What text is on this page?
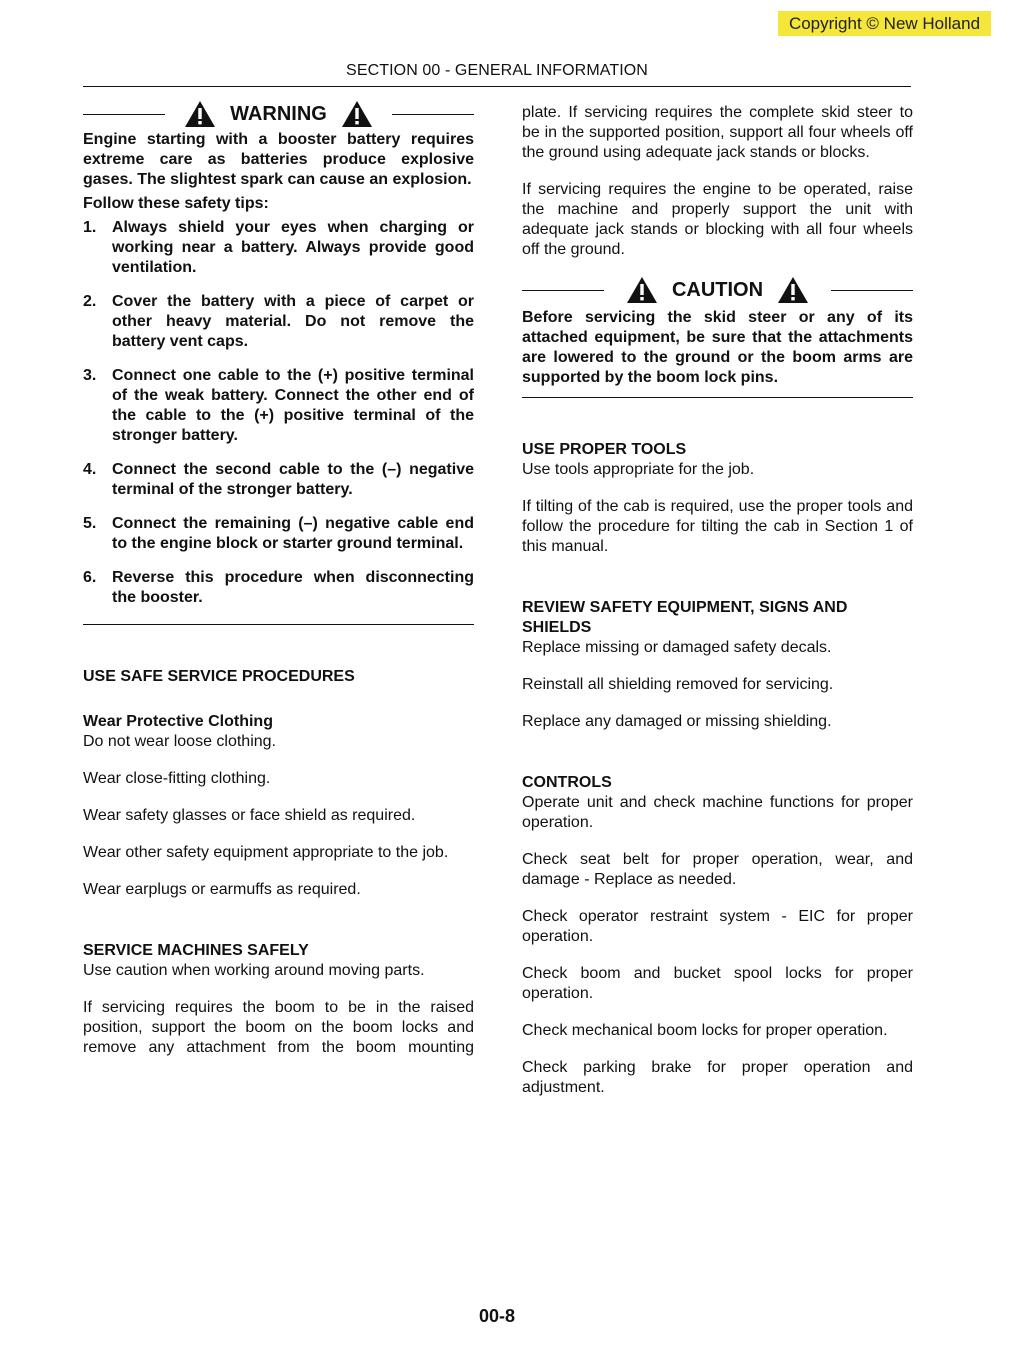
Copyright © New Holland
SECTION 00 - GENERAL INFORMATION
WARNING

Engine starting with a booster battery requires extreme care as batteries produce explosive gases. The slightest spark can cause an explosion.

Follow these safety tips:

1. Always shield your eyes when charging or working near a battery. Always provide good ventilation.
2. Cover the battery with a piece of carpet or other heavy material. Do not remove the battery vent caps.
3. Connect one cable to the (+) positive terminal of the weak battery. Connect the other end of the cable to the (+) positive terminal of the stronger battery.
4. Connect the second cable to the (–) negative terminal of the stronger battery.
5. Connect the remaining (–) negative cable end to the engine block or starter ground terminal.
6. Reverse this procedure when disconnecting the booster.

USE SAFE SERVICE PROCEDURES

Wear Protective Clothing

Do not wear loose clothing.

Wear close-fitting clothing.

Wear safety glasses or face shield as required.

Wear other safety equipment appropriate to the job.

Wear earplugs or earmuffs as required.

SERVICE MACHINES SAFELY

Use caution when working around moving parts.

If servicing requires the boom to be in the raised position, support the boom on the boom locks and remove any attachment from the boom mounting

plate. If servicing requires the complete skid steer to be in the supported position, support all four wheels off the ground using adequate jack stands or blocks.

If servicing requires the engine to be operated, raise the machine and properly support the unit with adequate jack stands or blocking with all four wheels off the ground.

CAUTION

Before servicing the skid steer or any of its attached equipment, be sure that the attachments are lowered to the ground or the boom arms are supported by the boom lock pins.

USE PROPER TOOLS

Use tools appropriate for the job.

If tilting of the cab is required, use the proper tools and follow the procedure for tilting the cab in Section 1 of this manual.

REVIEW SAFETY EQUIPMENT, SIGNS AND SHIELDS

Replace missing or damaged safety decals.

Reinstall all shielding removed for servicing.

Replace any damaged or missing shielding.

CONTROLS

Operate unit and check machine functions for proper operation.

Check seat belt for proper operation, wear, and damage - Replace as needed.

Check operator restraint system - EIC for proper operation.

Check boom and bucket spool locks for proper operation.

Check mechanical boom locks for proper operation.

Check parking brake for proper operation and adjustment.

00-8
